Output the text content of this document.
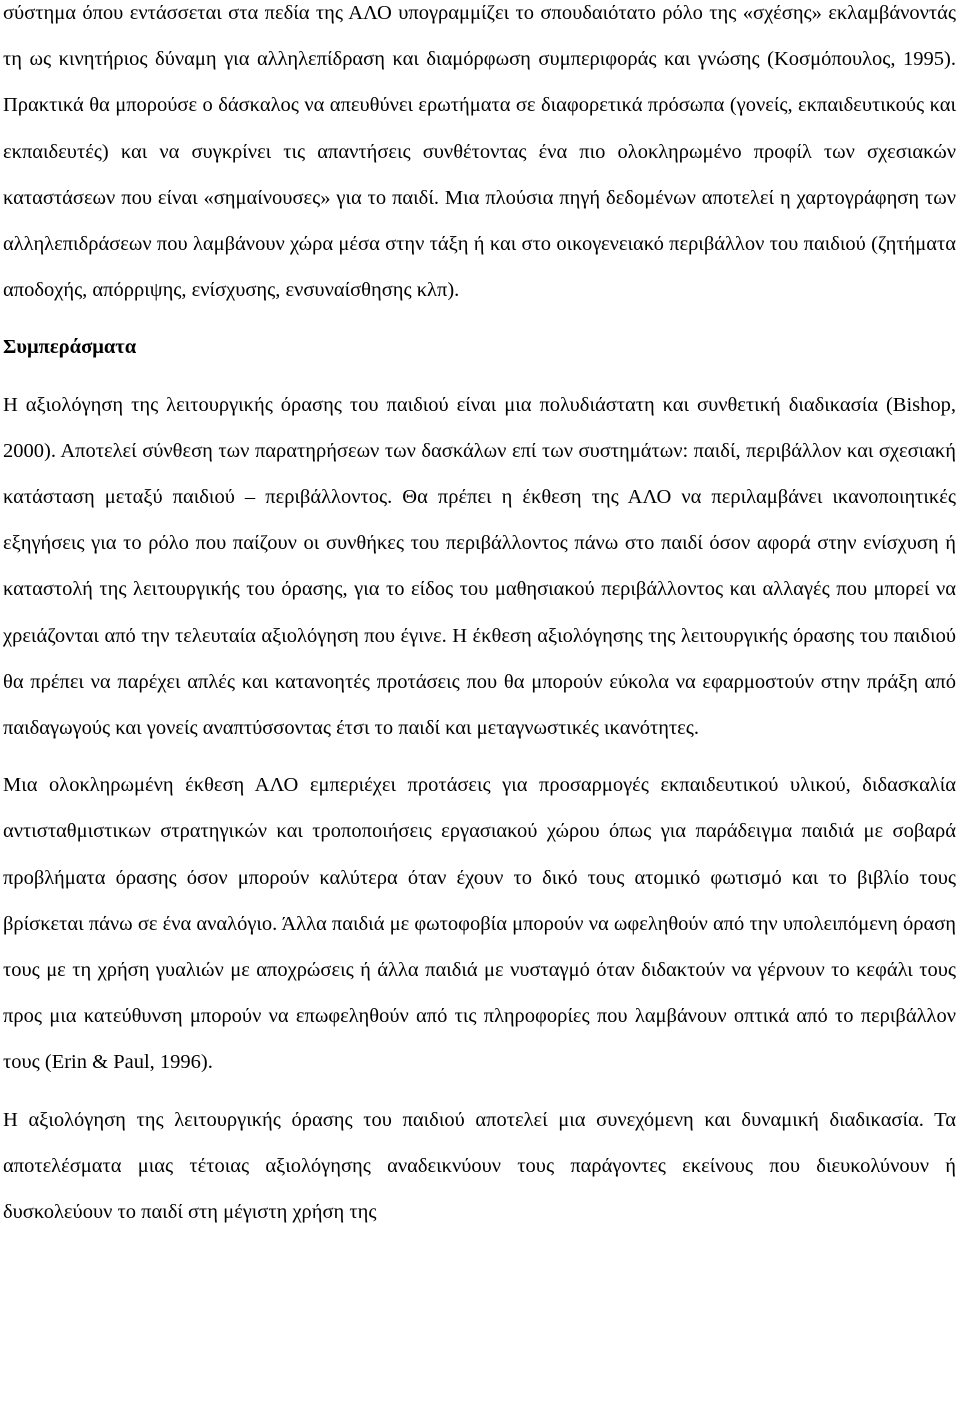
σύστημα όπου εντάσσεται στα πεδία της ΑΛΟ υπογραμμίζει το σπουδαιότατο ρόλο της «σχέσης» εκλαμβάνοντάς τη ως κινητήριος δύναμη για αλληλεπίδραση και διαμόρφωση συμπεριφοράς και γνώσης (Κοσμόπουλος, 1995). Πρακτικά θα μπορούσε ο δάσκαλος να απευθύνει ερωτήματα σε διαφορετικά πρόσωπα (γονείς, εκπαιδευτικούς και εκπαιδευτές) και να συγκρίνει τις απαντήσεις συνθέτοντας ένα πιο ολοκληρωμένο προφίλ των σχεσιακών καταστάσεων που είναι «σημαίνουσες» για το παιδί. Μια πλούσια πηγή δεδομένων αποτελεί η χαρτογράφηση των αλληλεπιδράσεων που λαμβάνουν χώρα μέσα στην τάξη ή και στο οικογενειακό περιβάλλον του παιδιού (ζητήματα αποδοχής, απόρριψης, ενίσχυσης, ενσυναίσθησης κλπ).

Συμπεράσματα

Η αξιολόγηση της λειτουργικής όρασης του παιδιού είναι μια πολυδιάστατη και συνθετική διαδικασία (Bishop, 2000). Αποτελεί σύνθεση των παρατηρήσεων των δασκάλων επί των συστημάτων: παιδί, περιβάλλον και σχεσιακή κατάσταση μεταξύ παιδιού – περιβάλλοντος. Θα πρέπει η έκθεση της ΑΛΟ να περιλαμβάνει ικανοποιητικές εξηγήσεις για το ρόλο που παίζουν οι συνθήκες του περιβάλλοντος πάνω στο παιδί όσον αφορά στην ενίσχυση ή καταστολή της λειτουργικής του όρασης, για το είδος του μαθησιακού περιβάλλοντος και αλλαγές που μπορεί να χρειάζονται από την τελευταία αξιολόγηση που έγινε. Η έκθεση αξιολόγησης της λειτουργικής όρασης του παιδιού θα πρέπει να παρέχει απλές και κατανοητές προτάσεις που θα μπορούν εύκολα να εφαρμοστούν στην πράξη από παιδαγωγούς και γονείς αναπτύσσοντας έτσι το παιδί και μεταγνωστικές ικανότητες.

Μια ολοκληρωμένη έκθεση ΑΛΟ εμπεριέχει προτάσεις για προσαρμογές εκπαιδευτικού υλικού, διδασκαλία αντισταθμιστικων στρατηγικών και τροποποιήσεις εργασιακού χώρου όπως για παράδειγμα παιδιά με σοβαρά προβλήματα όρασης όσον μπορούν καλύτερα όταν έχουν το δικό τους ατομικό φωτισμό και το βιβλίο τους βρίσκεται πάνω σε ένα αναλόγιο. Άλλα παιδιά με φωτοφοβία μπορούν να ωφεληθούν από την υπολειπόμενη όραση τους με τη χρήση γυαλιών με αποχρώσεις ή άλλα παιδιά με νυσταγμό όταν διδακτούν να γέρνουν το κεφάλι τους προς μια κατεύθυνση μπορούν να επωφεληθούν από τις πληροφορίες που λαμβάνουν οπτικά από το περιβάλλον τους (Erin & Paul, 1996).

Η αξιολόγηση της λειτουργικής όρασης του παιδιού αποτελεί μια συνεχόμενη και δυναμική διαδικασία. Τα αποτελέσματα μιας τέτοιας αξιολόγησης αναδεικνύουν τους παράγοντες εκείνους που διευκολύνουν ή δυσκολεύουν το παιδί στη μέγιστη χρήση της
